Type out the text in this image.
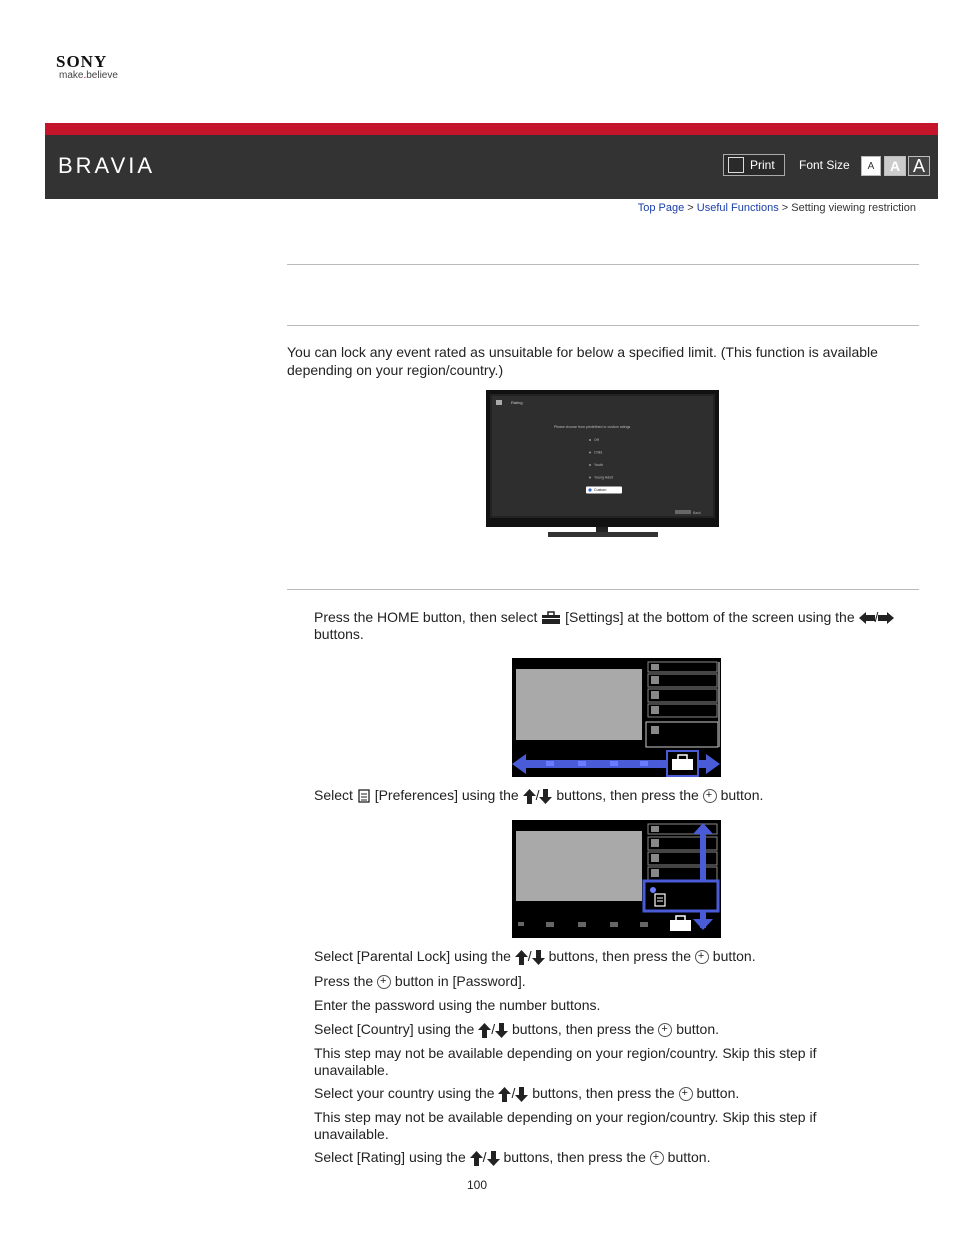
SONY
make.believe
BRAVIA	Print Font Size	A	A A
Top Page > Useful Functions > Setting viewing restriction
You can lock any event rated as unsuitable for below a specified limit. (This function is available depending on your region/country.)
Rating
Please choose from predefined or custom ratings
Off
Child
Youth
Young Adult
Custom
Back
Press the HOME button, then select [Settings] at the bottom of the screen using the /
buttons.
Select [Preferences] using the / buttons, then press the + button.
Select [Parental Lock] using the / buttons, then press the + button.
Press the + button in [Password].
Enter the password using the number buttons.
Select [Country] using the / buttons, then press the + button.
This step may not be available depending on your region/country. Skip this step if unavailable.
Select your country using the / buttons, then press the + button.
This step may not be available depending on your region/country. Skip this step if unavailable.
Select [Rating] using the / buttons, then press the + button.
100
